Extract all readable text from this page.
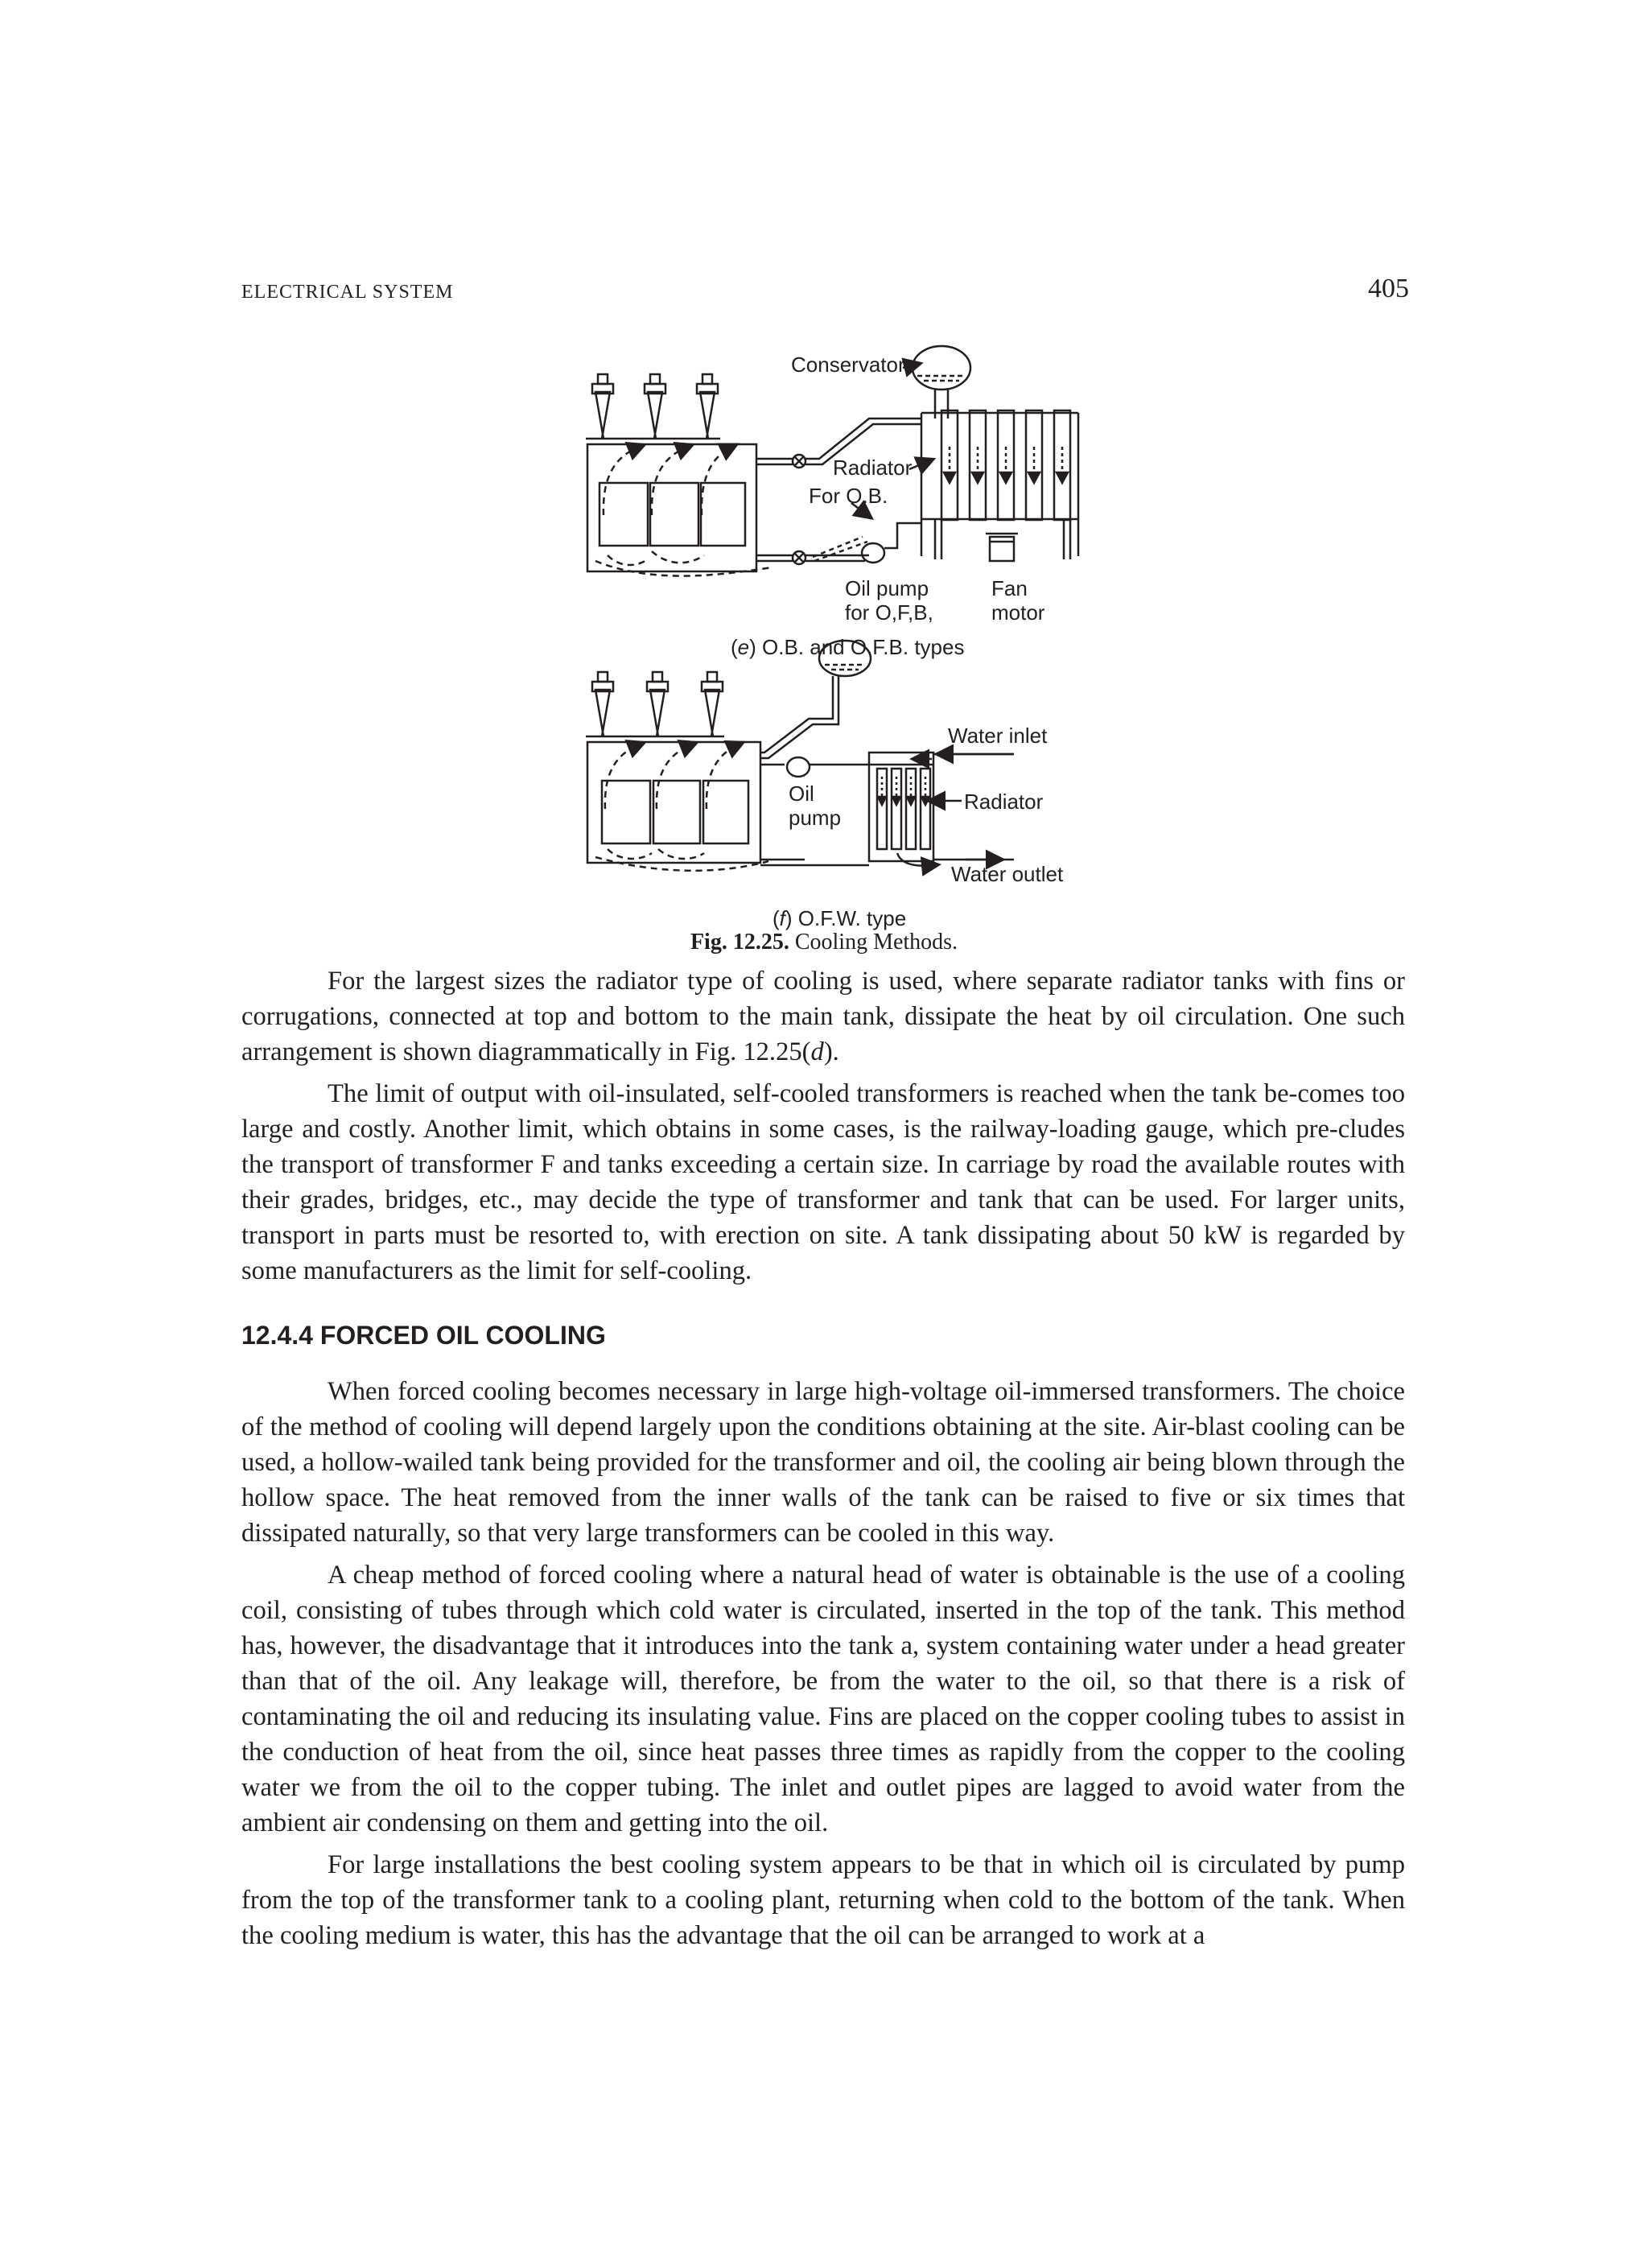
ELECTRICAL SYSTEM	405
Conservator
Radiator
For O.B.
Oil pump
for O,F,B,
Fan
motor
(e) O.B. and O.F.B. types
Water inlet
Oil
pump
Radiator
Water outlet
(f) O.F.W. type
Fig. 12.25. Cooling Methods.

For the largest sizes the radiator type of cooling is used, where separate radiator tanks with fins or corrugations, connected at top and bottom to the main tank, dissipate the heat by oil circulation. One such arrangement is shown diagrammatically in Fig. 12.25(d).

The limit of output with oil-insulated, self-cooled transformers is reached when the tank be-comes too large and costly. Another limit, which obtains in some cases, is the railway-loading gauge, which pre-cludes the transport of transformer F and tanks exceeding a certain size. In carriage by road the available routes with their grades, bridges, etc., may decide the type of transformer and tank that can be used. For larger units, transport in parts must be resorted to, with erection on site. A tank dissipating about 50 kW is regarded by some manufacturers as the limit for self-cooling.

12.4.4 FORCED OIL COOLING

When forced cooling becomes necessary in large high-voltage oil-immersed transformers. The choice of the method of cooling will depend largely upon the conditions obtaining at the site. Air-blast cooling can be used, a hollow-wailed tank being provided for the transformer and oil, the cooling air being blown through the hollow space. The heat removed from the inner walls of the tank can be raised to five or six times that dissipated naturally, so that very large transformers can be cooled in this way.

A cheap method of forced cooling where a natural head of water is obtainable is the use of a cooling coil, consisting of tubes through which cold water is circulated, inserted in the top of the tank. This method has, however, the disadvantage that it introduces into the tank a, system containing water under a head greater than that of the oil. Any leakage will, therefore, be from the water to the oil, so that there is a risk of contaminating the oil and reducing its insulating value. Fins are placed on the copper cooling tubes to assist in the conduction of heat from the oil, since heat passes three times as rapidly from the copper to the cooling water we from the oil to the copper tubing. The inlet and outlet pipes are lagged to avoid water from the ambient air condensing on them and getting into the oil.

For large installations the best cooling system appears to be that in which oil is circulated by pump from the top of the transformer tank to a cooling plant, returning when cold to the bottom of the tank. When the cooling medium is water, this has the advantage that the oil can be arranged to work at a
